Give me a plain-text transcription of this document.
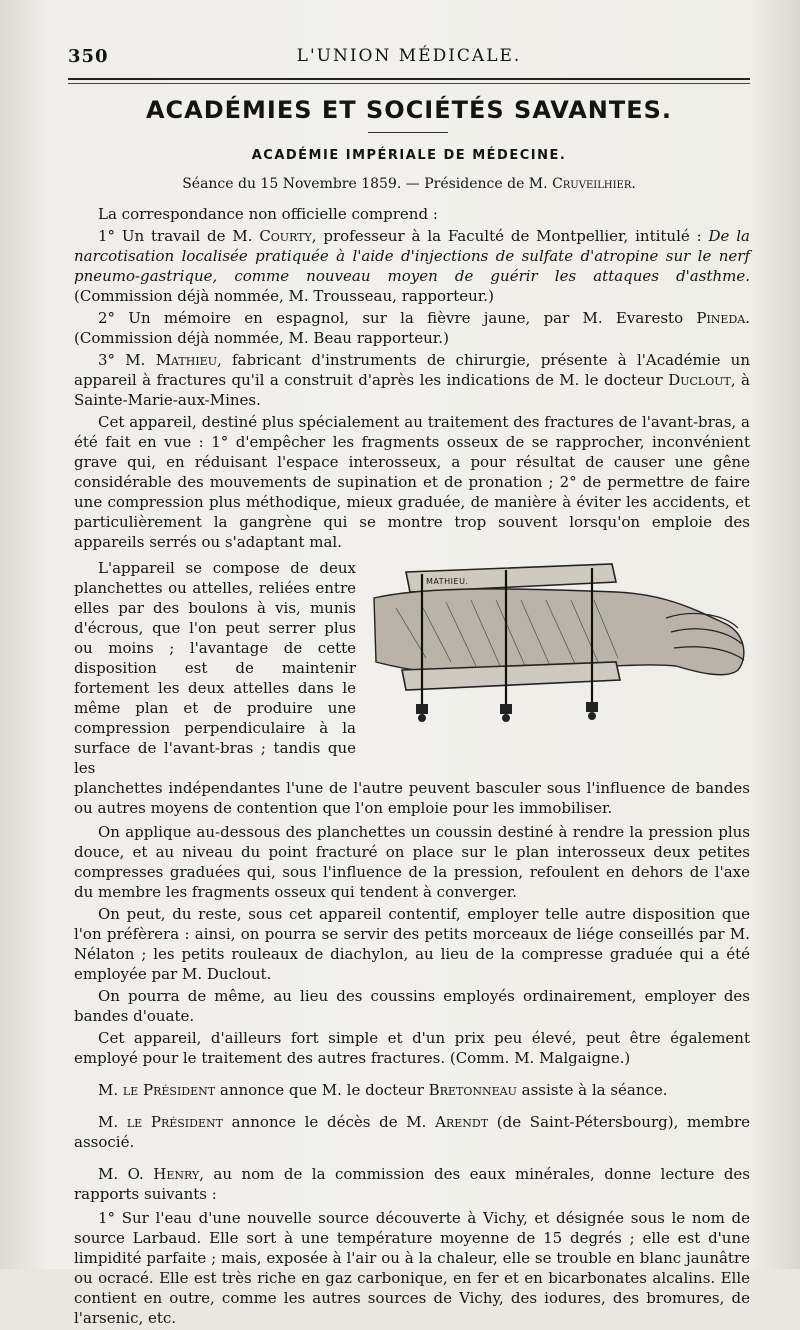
350	L'UNION MÉDICALE.
ACADÉMIES ET SOCIÉTÉS SAVANTES.
ACADÉMIE IMPÉRIALE DE MÉDECINE.
Séance du 15 Novembre 1859. — Présidence de M. Cruveilhier.

La correspondance non officielle comprend :

1° Un travail de M. Courty, professeur à la Faculté de Montpellier, intitulé : De la narcotisation localisée pratiquée à l'aide d'injections de sulfate d'atropine sur le nerf pneumo-gastrique, comme nouveau moyen de guérir les attaques d'asthme. (Commission déjà nommée, M. Trousseau, rapporteur.)

2° Un mémoire en espagnol, sur la fièvre jaune, par M. Evaresto Pineda. (Commission déjà nommée, M. Beau rapporteur.)

3° M. Mathieu, fabricant d'instruments de chirurgie, présente à l'Académie un appareil à fractures qu'il a construit d'après les indications de M. le docteur Duclout, à Sainte-Marie-aux-Mines.

Cet appareil, destiné plus spécialement au traitement des fractures de l'avant-bras, a été fait en vue : 1° d'empêcher les fragments osseux de se rapprocher, inconvénient grave qui, en réduisant l'espace interosseux, a pour résultat de causer une gêne considérable des mouvements de supination et de pronation ; 2° de permettre de faire une compression plus méthodique, mieux graduée, de manière à éviter les accidents, et particulièrement la gangrène qui se montre trop souvent lorsqu'on emploie des appareils serrés ou s'adaptant mal.

L'appareil se compose de deux planchettes ou attelles, reliées entre elles par des boulons à vis, munis d'écrous, que l'on peut serrer plus ou moins ; l'avantage de cette disposition est de maintenir fortement les deux attelles dans le même plan et de produire une compression perpendiculaire à la surface de l'avant-bras ; tandis que les

MATHIEU.

planchettes indépendantes l'une de l'autre peuvent basculer sous l'influence de bandes ou autres moyens de contention que l'on emploie pour les immobiliser.

On applique au-dessous des planchettes un coussin destiné à rendre la pression plus douce, et au niveau du point fracturé on place sur le plan interosseux deux petites compresses graduées qui, sous l'influence de la pression, refoulent en dehors de l'axe du membre les fragments osseux qui tendent à converger.

On peut, du reste, sous cet appareil contentif, employer telle autre disposition que l'on préfèrera : ainsi, on pourra se servir des petits morceaux de liége conseillés par M. Nélaton ; les petits rouleaux de diachylon, au lieu de la compresse graduée qui a été employée par M. Duclout.

On pourra de même, au lieu des coussins employés ordinairement, employer des bandes d'ouate.

Cet appareil, d'ailleurs fort simple et d'un prix peu élevé, peut être également employé pour le traitement des autres fractures. (Comm. M. Malgaigne.)

M. le Président annonce que M. le docteur Bretonneau assiste à la séance.

M. le Président annonce le décès de M. Arendt (de Saint-Pétersbourg), membre associé.

M. O. Henry, au nom de la commission des eaux minérales, donne lecture des rapports suivants :

1° Sur l'eau d'une nouvelle source découverte à Vichy, et désignée sous le nom de source Larbaud. Elle sort à une température moyenne de 15 degrés ; elle est d'une limpidité parfaite ; mais, exposée à l'air ou à la chaleur, elle se trouble en blanc jaunâtre ou ocracé. Elle est très riche en gaz carbonique, en fer et en bicarbonates alcalins. Elle contient en outre, comme les autres sources de Vichy, des iodures, des bromures, de l'arsenic, etc.
